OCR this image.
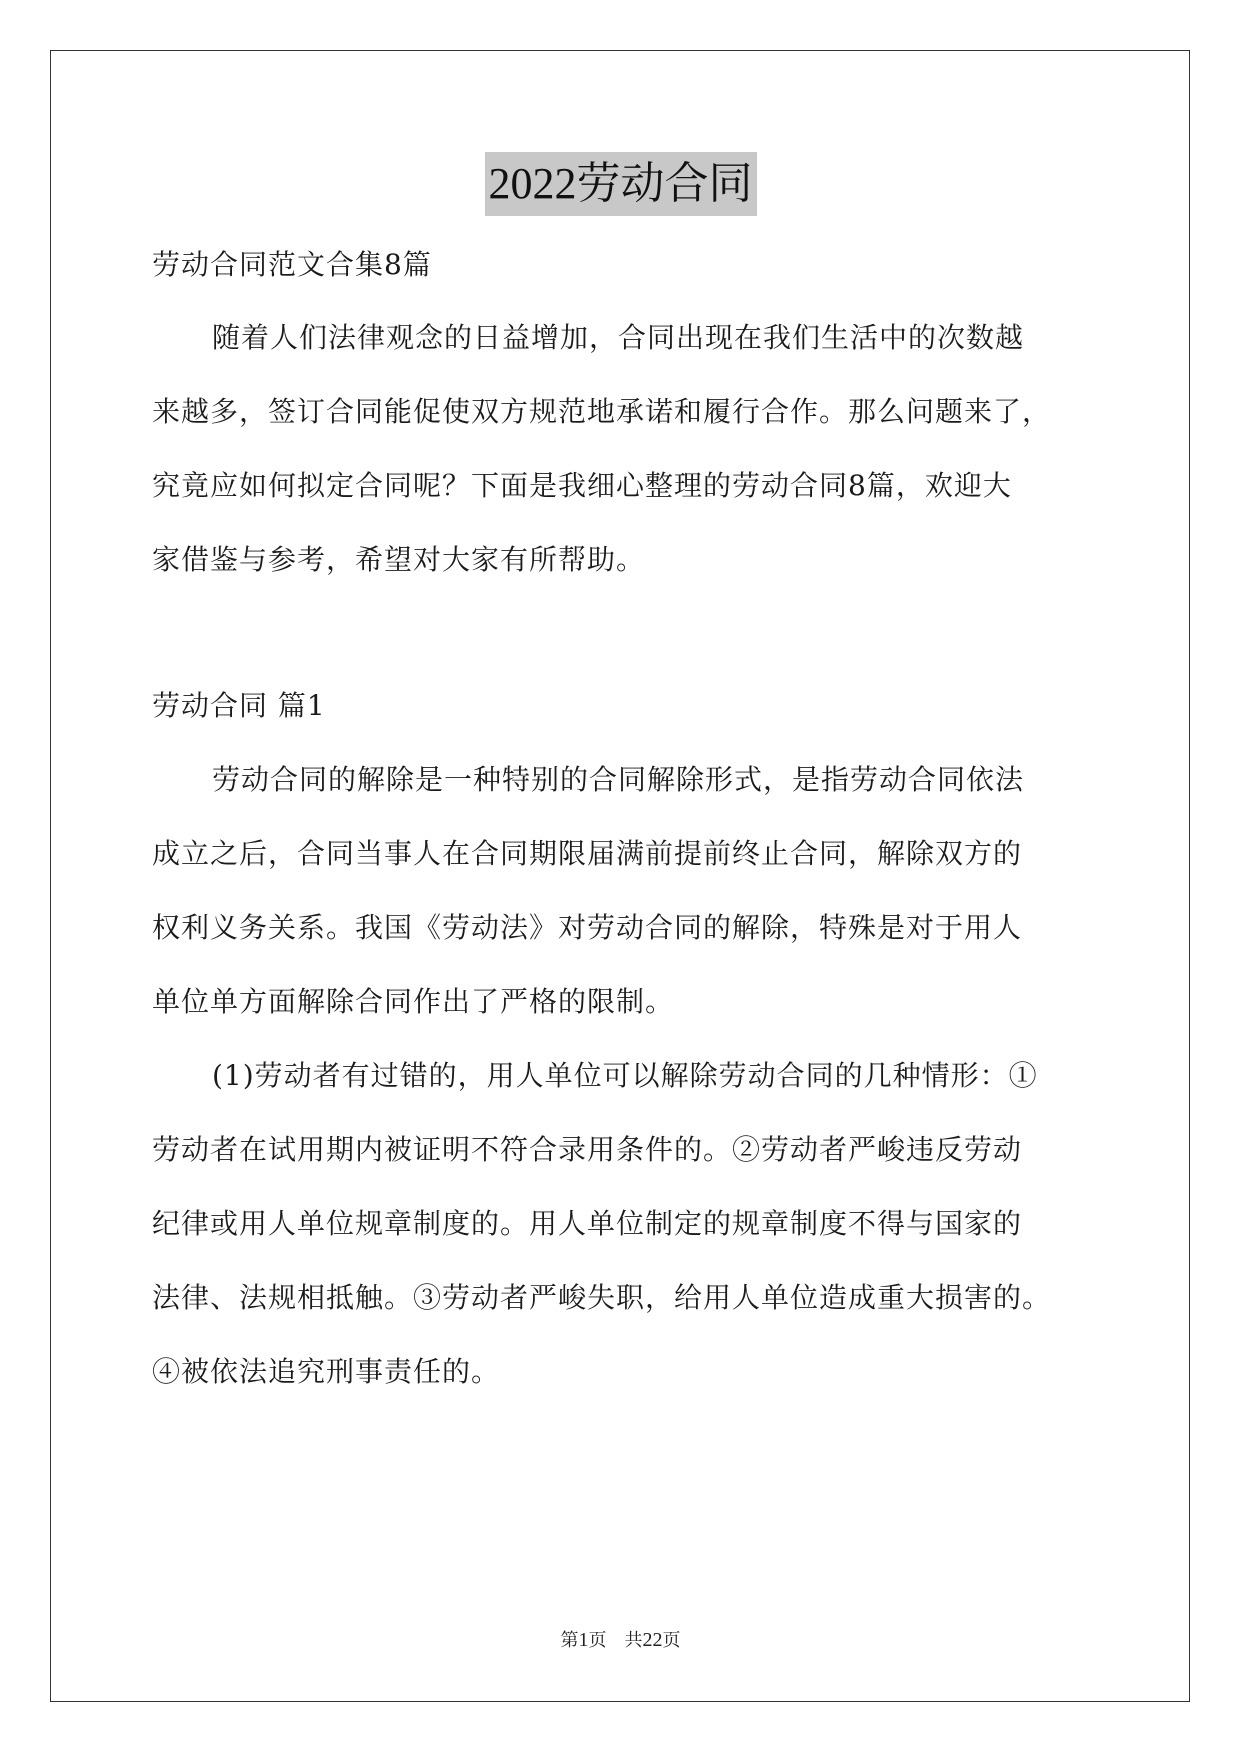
2022劳动合同
劳动合同范文合集8篇
随着人们法律观念的日益增加，合同出现在我们生活中的次数越
来越多，签订合同能促使双方规范地承诺和履行合作。那么问题来了，
究竟应如何拟定合同呢？下面是我细心整理的劳动合同8篇，欢迎大
家借鉴与参考，希望对大家有所帮助。
劳动合同 篇1
劳动合同的解除是一种特别的合同解除形式，是指劳动合同依法
成立之后，合同当事人在合同期限届满前提前终止合同，解除双方的
权利义务关系。我国《劳动法》对劳动合同的解除，特殊是对于用人
单位单方面解除合同作出了严格的限制。
(1)劳动者有过错的，用人单位可以解除劳动合同的几种情形：①
劳动者在试用期内被证明不符合录用条件的。②劳动者严峻违反劳动
纪律或用人单位规章制度的。用人单位制定的规章制度不得与国家的
法律、法规相抵触。③劳动者严峻失职，给用人单位造成重大损害的。
④被依法追究刑事责任的。
第1页 共22页
